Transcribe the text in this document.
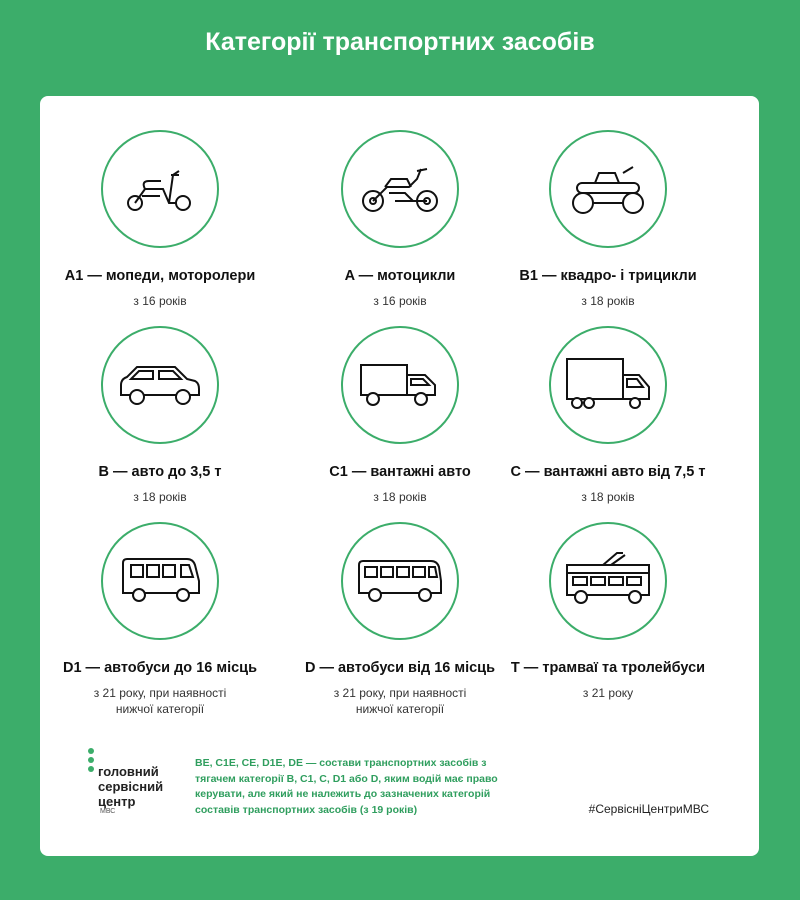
Категорії транспортних засобів
A1 — мопеди, моторолери
з 16 років
A — мотоцикли
з 16 років
B1 — квадро- і трицикли
з 18 років
B — авто до 3,5 т
з 18 років
C1 — вантажні авто
з 18 років
C — вантажні авто від 7,5 т
з 18 років
D1 — автобуси до 16 місць
з 21 року, при наявності
нижчої категорії
D — автобуси від 16 місць
з 21 року, при наявності
нижчої категорії
T — трамваї та тролейбуси
з 21 року
головний
сервісний
центр
МВС
BE, C1E, CE, D1E, DE — состави транспортних засобів з
тягачем категорії B, C1, C, D1 або D, яким водій має право
керувати, але який не належить до зазначених категорій
составів транспортних засобів (з 19 років)	#СервісніЦентриМВС
